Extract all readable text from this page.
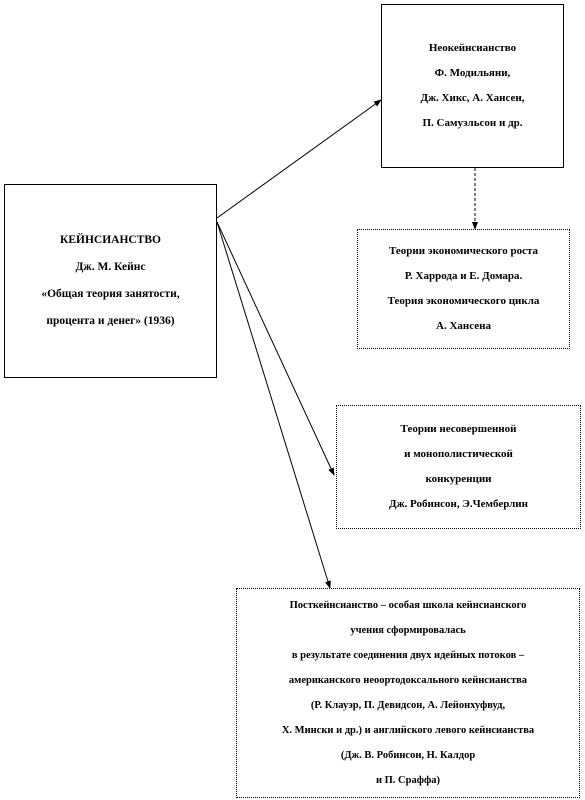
КЕЙНСИАНСТВО
Дж. М. Кейнс
«Общая теория занятости,
процента и денег» (1936)
Неокейнсианство
Ф. Модильяни,
Дж. Хикс, А. Хансен,
П. Самуэльсон и др.
Теории экономического роста
Р. Харрода и Е. Домара.
Теория экономического цикла
А. Хансена
Теории несовершенной
и монополистической
конкуренции
Дж. Робинсон, Э.Чемберлин
Посткейнсианство – особая школа кейнсианского
учения сформировалась
в результате соединения двух идейных потоков –
американского неоортодоксального кейнсианства
(Р. Клауэр, П. Девидсон, А. Лейонхуфвуд,
Х. Мински и др.) и английского левого кейнсианства
(Дж. В. Робинсон, Н. Калдор
и П. Сраффа)
